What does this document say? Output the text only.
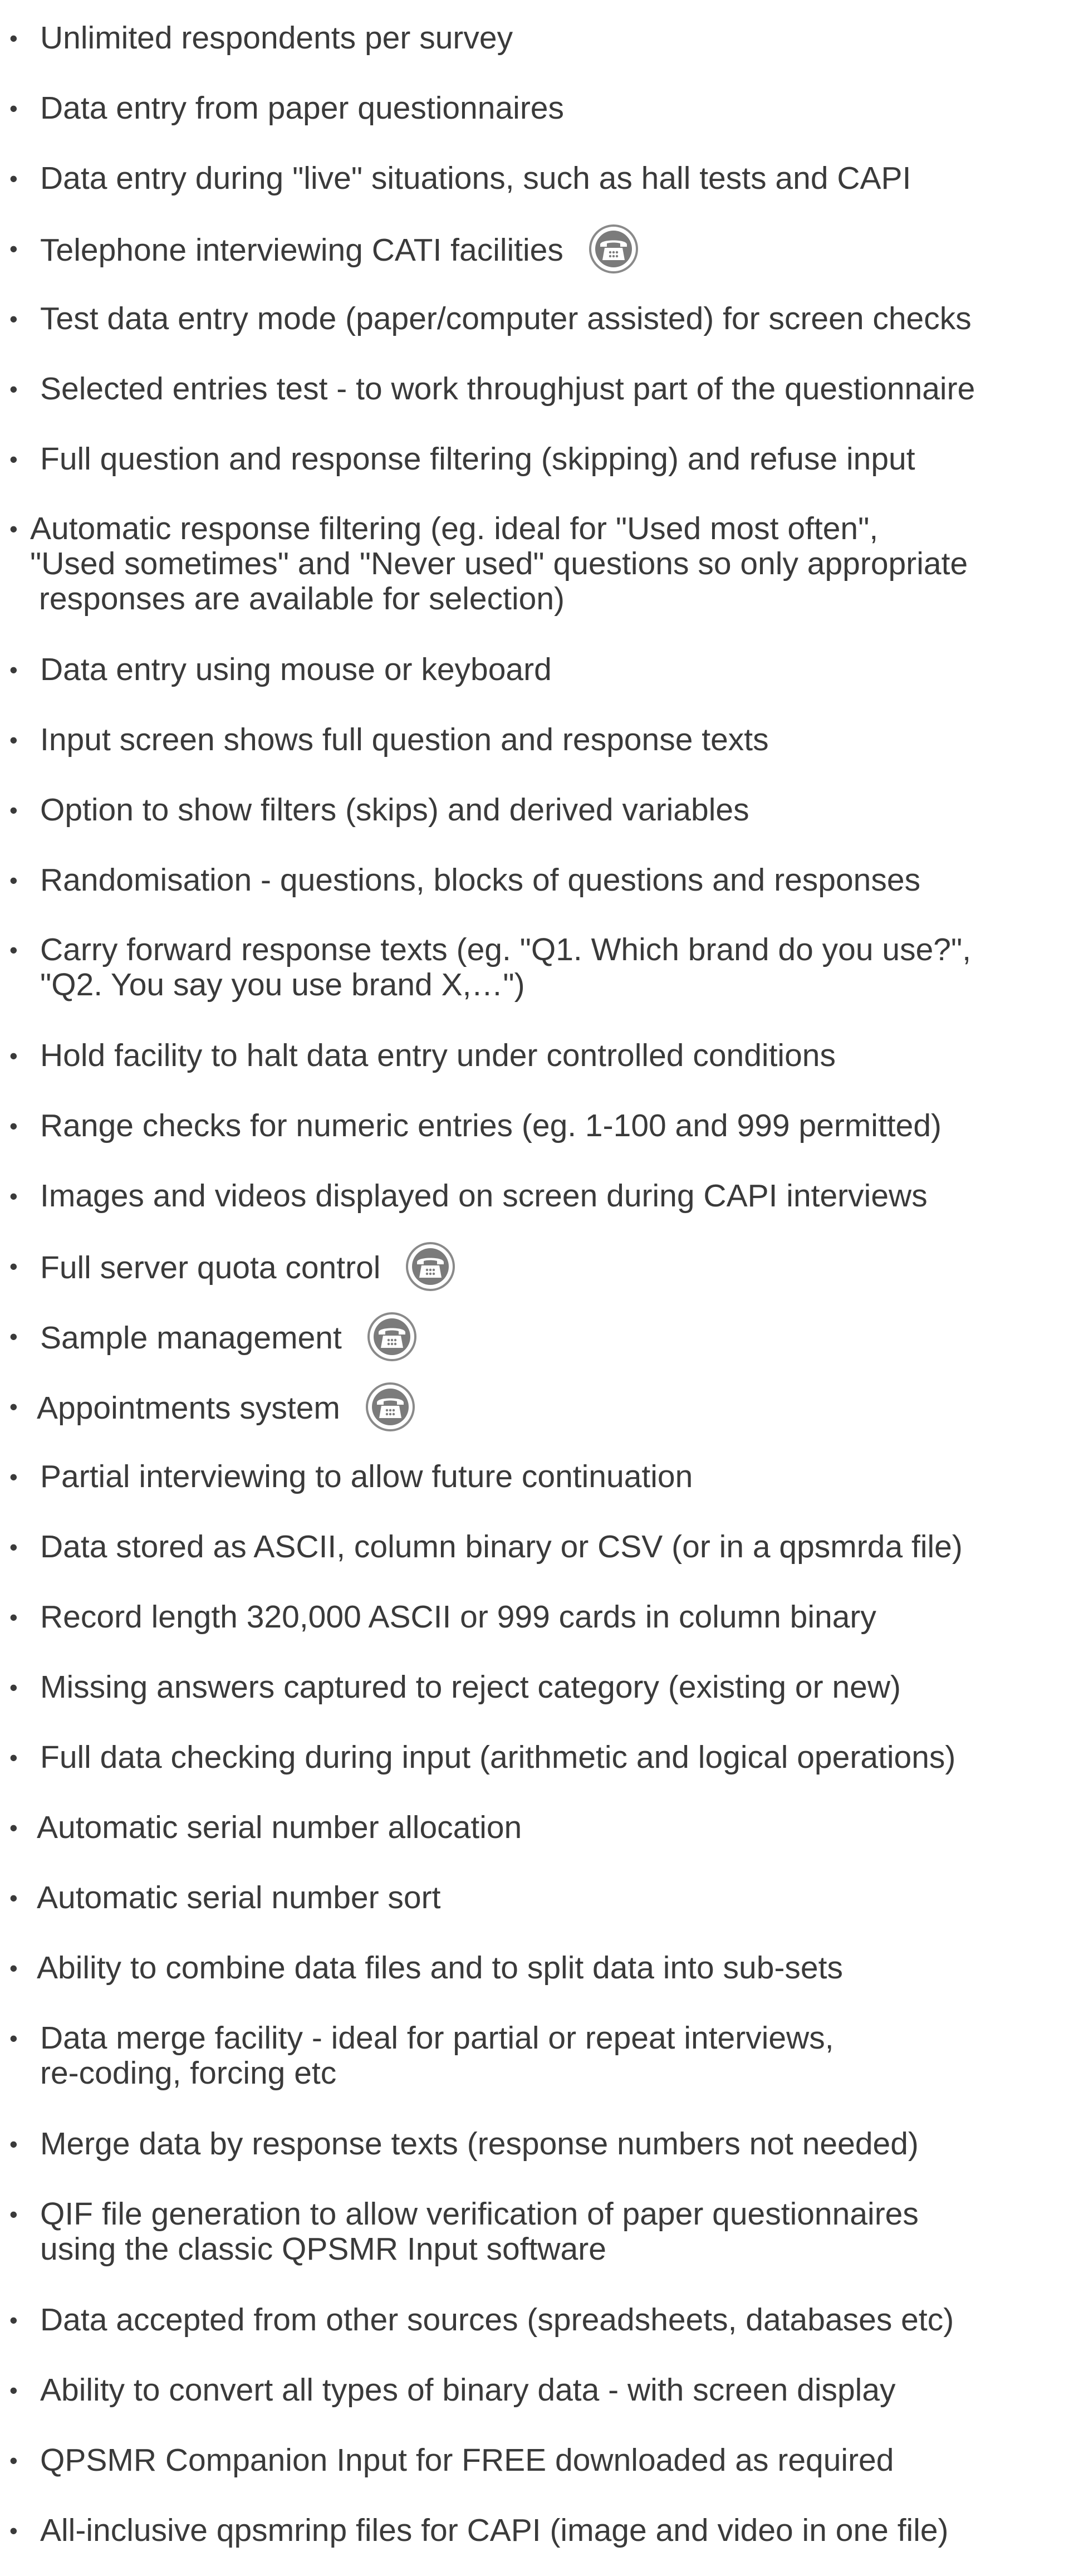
• Unlimited respondents per survey
• Data entry from paper questionnaires
• Data entry during "live" situations, such as hall tests and CAPI
• Telephone interviewing CATI facilities
• Test data entry mode (paper/computer assisted) for screen checks
• Selected entries test - to work throughjust part of the questionnaire
• Full question and response filtering (skipping) and refuse input
• Automatic response filtering (eg. ideal for "Used most often",
"Used sometimes" and "Never used" questions so only appropriate
responses are available for selection)
• Data entry using mouse or keyboard
• Input screen shows full question and response texts
• Option to show filters (skips) and derived variables
• Randomisation - questions, blocks of questions and responses
• Carry forward response texts (eg. "Q1. Which brand do you use?",
"Q2. You say you use brand X,…")
• Hold facility to halt data entry under controlled conditions
• Range checks for numeric entries (eg. 1-100 and 999 permitted)
• Images and videos displayed on screen during CAPI interviews
• Full server quota control
• Sample management
• Appointments system
• Partial interviewing to allow future continuation
• Data stored as ASCII, column binary or CSV (or in a qpsmrda file)
• Record length 320,000 ASCII or 999 cards in column binary
• Missing answers captured to reject category (existing or new)
• Full data checking during input (arithmetic and logical operations)
• Automatic serial number allocation
• Automatic serial number sort
• Ability to combine data files and to split data into sub-sets
• Data merge facility - ideal for partial or repeat interviews,
re-coding, forcing etc
• Merge data by response texts (response numbers not needed)
• QIF file generation to allow verification of paper questionnaires
using the classic QPSMR Input software
• Data accepted from other sources (spreadsheets, databases etc)
• Ability to convert all types of binary data - with screen display
• QPSMR Companion Input for FREE downloaded as required
• All-inclusive qpsmrinp files for CAPI (image and video in one file)
